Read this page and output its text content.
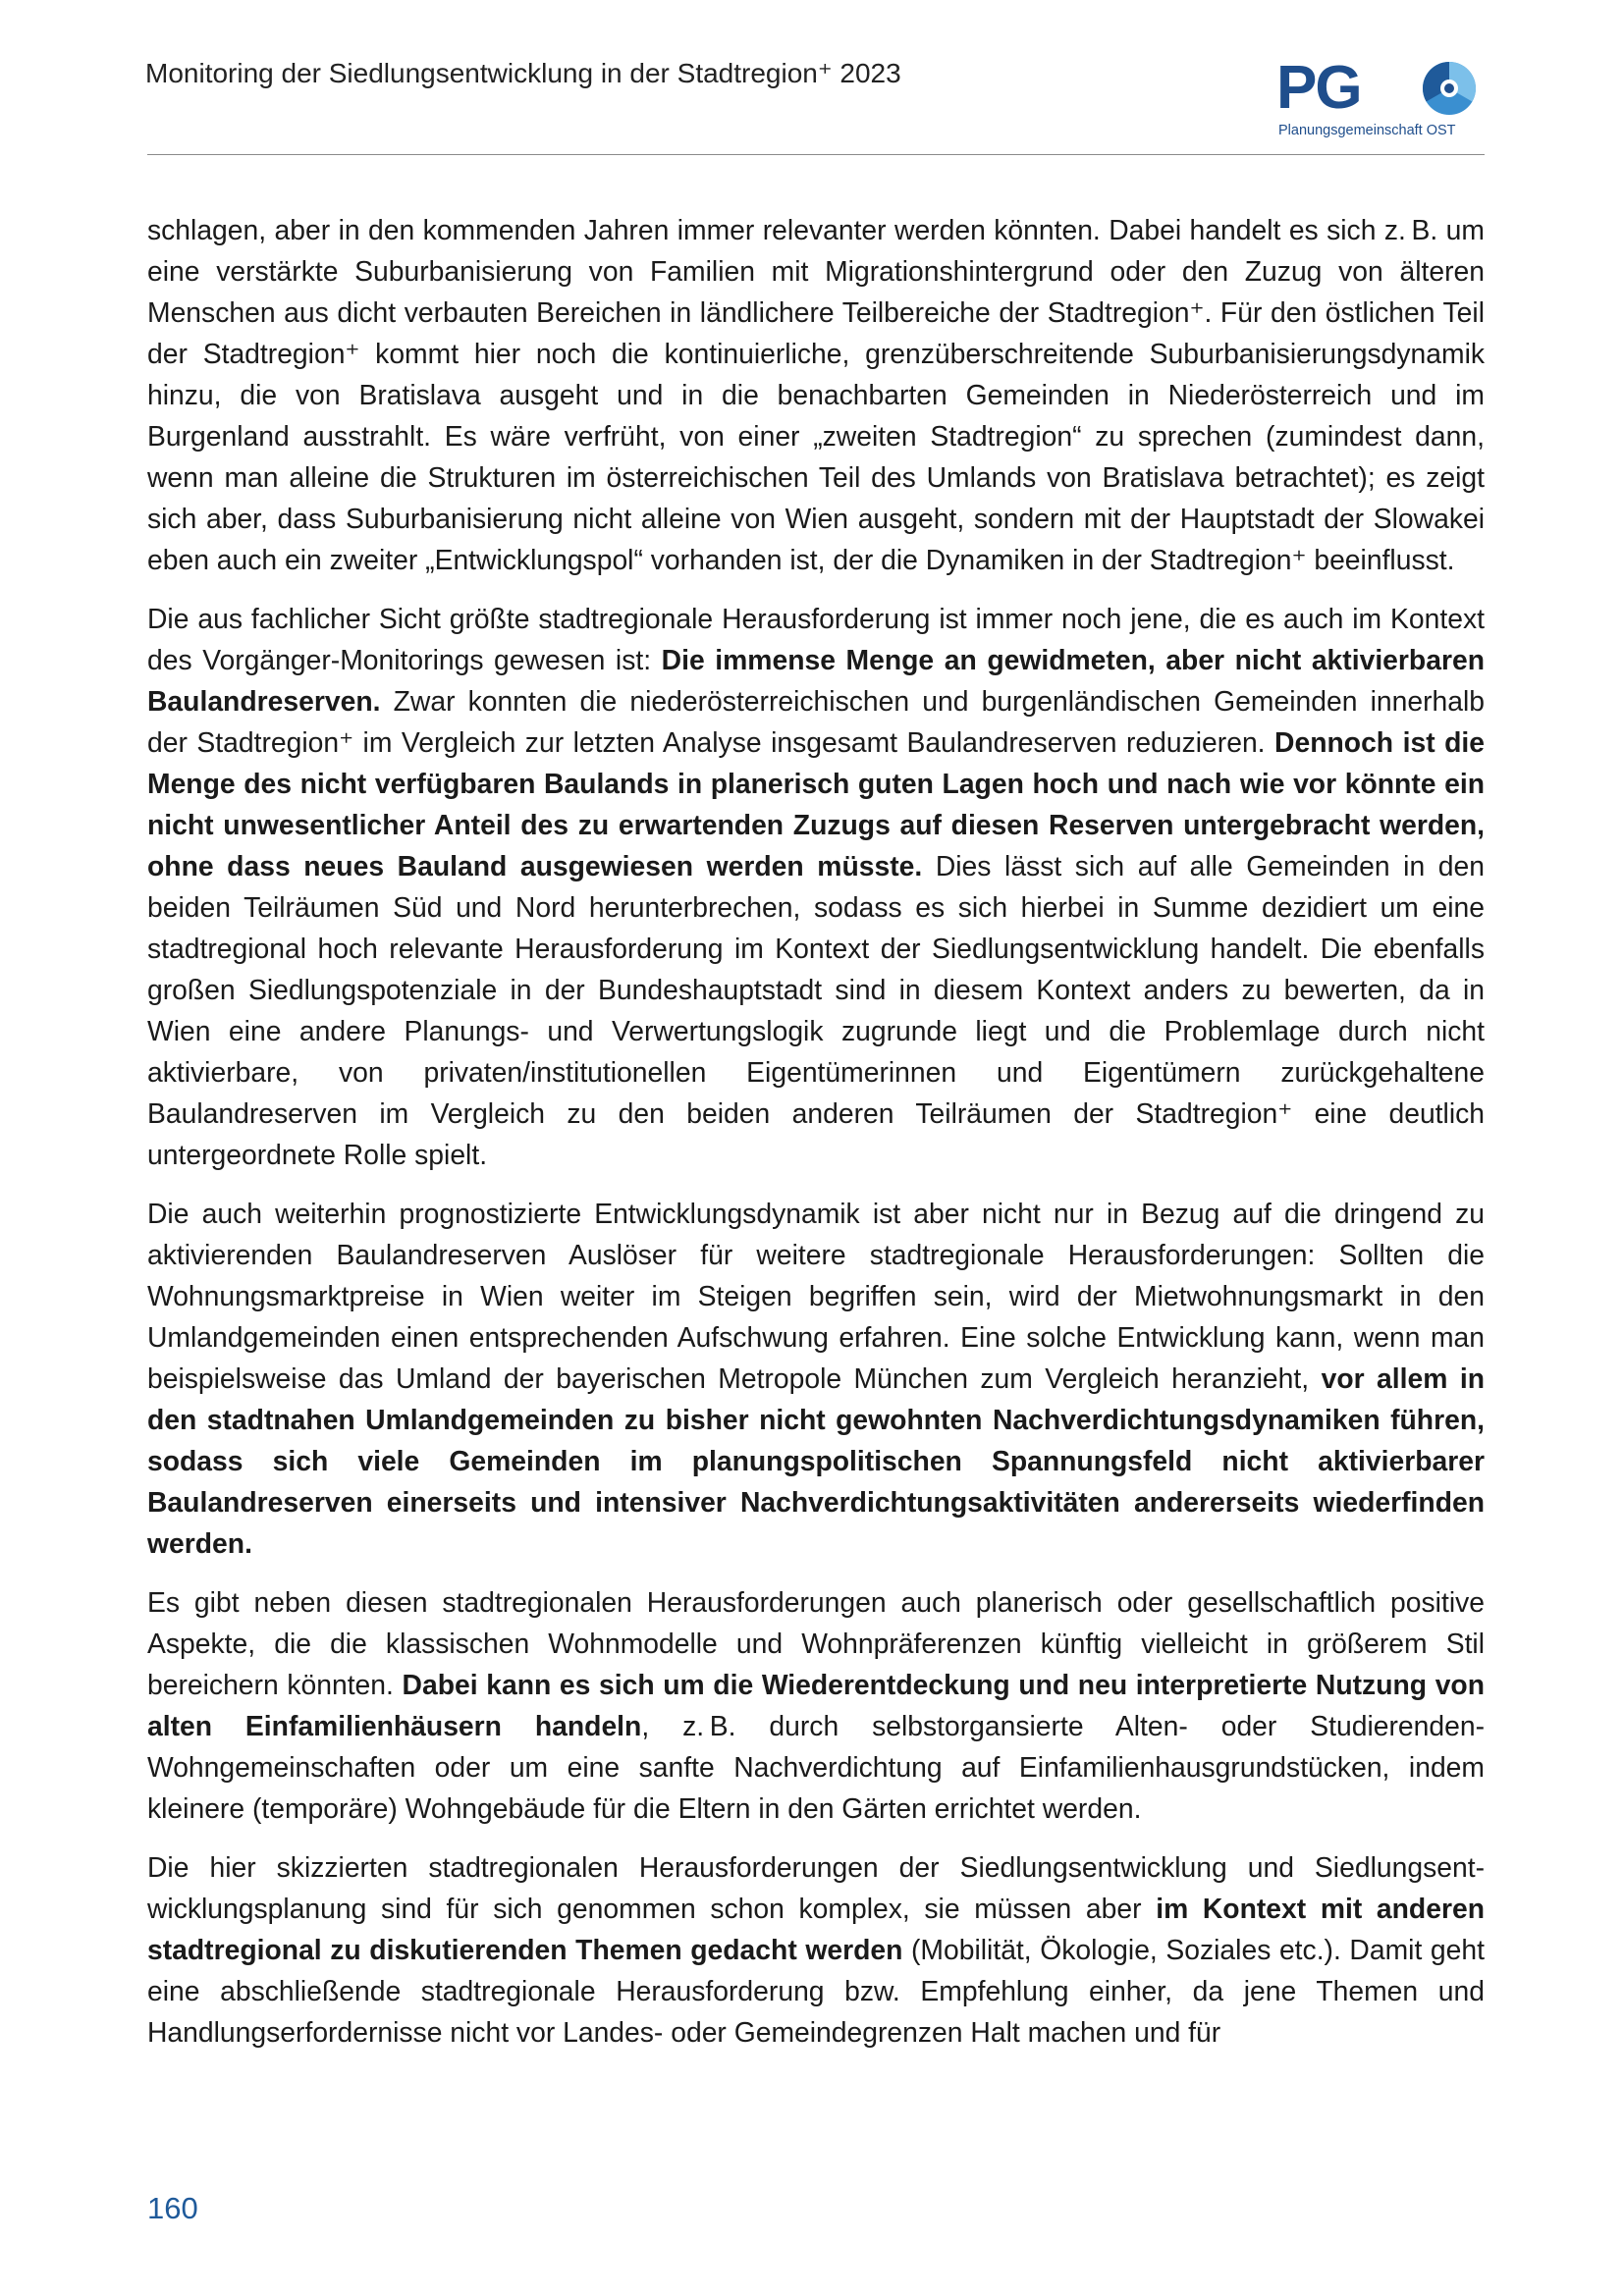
Monitoring der Siedlungsentwicklung in der Stadtregion⁺ 2023	PG
Planungsgemeinschaft OST

schlagen, aber in den kommenden Jahren immer relevanter werden könnten. Dabei handelt es sich z. B. um eine verstärkte Suburbanisierung von Familien mit Migrationshintergrund oder den Zuzug von älteren Menschen aus dicht verbauten Bereichen in ländlichere Teilbereiche der Stadtregion⁺. Für den östlichen Teil der Stadtregion⁺ kommt hier noch die kontinuierliche, grenzüberschreitende Suburbanisierungsdynamik hinzu, die von Bratislava ausgeht und in die benachbarten Gemeinden in Niederösterreich und im Burgenland ausstrahlt. Es wäre verfrüht, von einer „zweiten Stadtregion“ zu sprechen (zumindest dann, wenn man alleine die Strukturen im österreichischen Teil des Umlands von Bratislava betrachtet); es zeigt sich aber, dass Suburbanisierung nicht alleine von Wien ausgeht, sondern mit der Hauptstadt der Slowakei eben auch ein zweiter „Entwicklungspol“ vorhanden ist, der die Dynamiken in der Stadtregion⁺ beeinflusst.

Die aus fachlicher Sicht größte stadtregionale Herausforderung ist immer noch jene, die es auch im Kontext des Vorgänger-Monitorings gewesen ist: Die immense Menge an gewidmeten, aber nicht aktivierbaren Baulandreserven. Zwar konnten die niederösterreichischen und burgenländischen Gemeinden innerhalb der Stadtregion⁺ im Vergleich zur letzten Analyse insgesamt Baulandreserven reduzieren. Dennoch ist die Menge des nicht verfügbaren Baulands in planerisch guten Lagen hoch und nach wie vor könnte ein nicht unwesentlicher Anteil des zu erwartenden Zuzugs auf diesen Reserven untergebracht werden, ohne dass neues Bauland ausgewiesen werden müsste. Dies lässt sich auf alle Gemeinden in den beiden Teilräumen Süd und Nord herunterbrechen, sodass es sich hierbei in Summe dezidiert um eine stadtregional hoch relevante Herausforderung im Kontext der Siedlungsentwicklung handelt. Die ebenfalls großen Siedlungspotenziale in der Bundeshauptstadt sind in diesem Kontext anders zu bewerten, da in Wien eine andere Planungs- und Verwertungslogik zugrunde liegt und die Problemlage durch nicht aktivierbare, von privaten/institutionellen Eigentümerinnen und Eigentümern zurückgehaltene Baulandreserven im Vergleich zu den beiden anderen Teilräumen der Stadtregion⁺ eine deutlich untergeordnete Rolle spielt.

Die auch weiterhin prognostizierte Entwicklungsdynamik ist aber nicht nur in Bezug auf die dringend zu aktivierenden Baulandreserven Auslöser für weitere stadtregionale Herausforderungen: Sollten die Wohnungsmarktpreise in Wien weiter im Steigen begriffen sein, wird der Mietwohnungsmarkt in den Umlandgemeinden einen entsprechenden Aufschwung erfahren. Eine solche Entwicklung kann, wenn man beispielsweise das Umland der bayerischen Metropole München zum Vergleich heranzieht, vor allem in den stadtnahen Umlandgemeinden zu bisher nicht gewohnten Nachverdichtungsdynamiken führen, sodass sich viele Gemeinden im planungspolitischen Spannungsfeld nicht aktivierbarer Baulandreserven einerseits und intensiver Nachverdichtungsaktivitäten andererseits wiederfinden werden.

Es gibt neben diesen stadtregionalen Herausforderungen auch planerisch oder gesellschaftlich positive Aspekte, die die klassischen Wohnmodelle und Wohnpräferenzen künftig vielleicht in größerem Stil bereichern könnten. Dabei kann es sich um die Wiederentdeckung und neu interpretierte Nutzung von alten Einfamilienhäusern handeln, z. B. durch selbstorgansierte Alten- oder Studierenden-Wohngemeinschaften oder um eine sanfte Nachverdichtung auf Einfamilienhausgrundstücken, indem kleinere (temporäre) Wohngebäude für die Eltern in den Gärten errichtet werden.

Die hier skizzierten stadtregionalen Herausforderungen der Siedlungsentwicklung und Siedlungsentwicklungsplanung sind für sich genommen schon komplex, sie müssen aber im Kontext mit anderen stadtregional zu diskutierenden Themen gedacht werden (Mobilität, Ökologie, Soziales etc.). Damit geht eine abschließende stadtregionale Herausforderung bzw. Empfehlung einher, da jene Themen und Handlungserfordernisse nicht vor Landes- oder Gemeindegrenzen Halt machen und für

160
